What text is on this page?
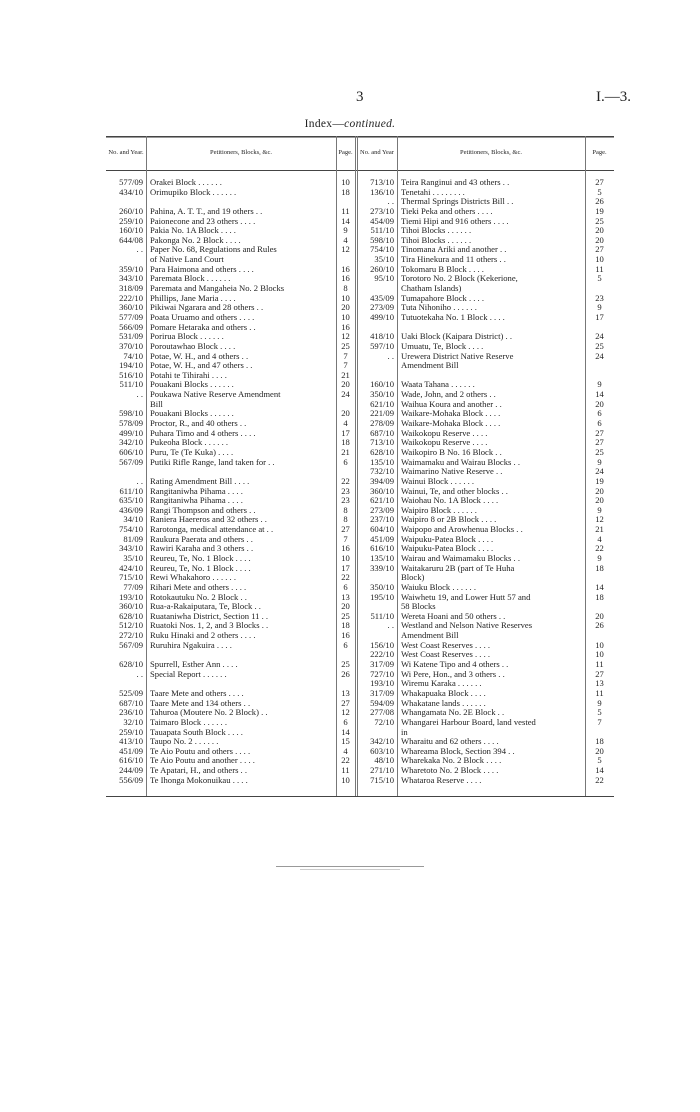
3	I.—3.
Index—continued.
No. and Year.	Petitioners, Blocks, &c.	Page.	No. and Year	Petitioners, Blocks, &c.	Page.
577/09 Orakei Block . . . . . .	10
434/10 Orimupiko Block . . . . . .	18
260/10 Pahina, A. T. T., and 19 others . .	11
259/10 Paionecone and 23 others . . . .	14
160/10 Pakia No. 1A Block . . . .	9
644/08 Pakonga No. 2 Block . . . .	4
. . Paper No. 68, Regulations and Rules	12
of Native Land Court
359/10 Para Haimona and others . . . .	16
343/10 Paremata Block . . . . . .	16
318/09 Paremata and Mangaheia No. 2 Blocks	8
222/10 Phillips, Jane Maria . . . .	10
360/10 Pikiwai Ngarara and 28 others . .	20
577/09 Poata Uruamo and others . . . .	10
566/09 Pomare Hetaraka and others . .	16
531/09 Porirua Block . . . . . .	12
370/10 Poroutawhao Block . . . .	25
74/10 Potae, W. H., and 4 others . .	7
194/10 Potae, W. H., and 47 others . .	7
516/10 Potahi te Tihirahi . . . .	21
511/10 Pouakani Blocks . . . . . .	20
. . Poukawa Native Reserve Amendment	24
Bill
598/10 Pouakani Blocks . . . . . .	20
578/09 Proctor, R., and 40 others . .	4
499/10 Puhara Timo and 4 others . . . .	17
342/10 Pukeoha Block . . . . . .	18
606/10 Puru, Te (Te Kuka) . . . .	21
567/09 Putiki Rifle Range, land taken for . .	6
. . Rating Amendment Bill . . . .	22
611/10 Rangitaniwha Pihama . . . .	23
635/10 Rangitaniwha Pihama . . . .	23
436/09 Rangi Thompson and others . .	8
34/10 Raniera Haereros and 32 others . .	8
754/10 Rarotonga, medical attendance at . .	27
81/09 Raukura Paerata and others . .	7
343/10 Rawiri Karaha and 3 others . .	16
35/10 Reureu, Te, No. 1 Block . . . .	10
424/10 Reureu, Te, No. 1 Block . . . .	17
715/10 Rewi Whakahoro . . . . . .	22
77/09 Rihari Mete and others . . . .	6
193/10 Rotokautuku No. 2 Block . .	13
360/10 Rua-a-Rakaiputara, Te, Block . .	20
628/10 Ruataniwha District, Section 11 . .	25
512/10 Ruatoki Nos. 1, 2, and 3 Blocks . .	18
272/10 Ruku Hinaki and 2 others . . . .	16
567/09 Ruruhira Ngakuira . . . .	6
628/10 Spurrell, Esther Ann . . . .	25
. . Special Report . . . . . .	26
525/09 Taare Mete and others . . . .	13
687/10 Taare Mete and 134 others . .	27
236/10 Tahuroa (Moutere No. 2 Block) . .	12
32/10 Taimaro Block . . . . . .	6
259/10 Tauapata South Block . . . .	14
413/10 Taupo No. 2 . . . . . .	15
451/09 Te Aio Poutu and others . . . .	4
616/10 Te Aio Poutu and another . . . .	22
244/09 Te Apatari, H., and others . .	11
556/09 Te Ihonga Mokonuikau . . . .	10
713/10 Teira Ranginui and 43 others . .	27
136/10 Tenetahi . . . . . . . .	5
. . Thermal Springs Districts Bill . .	26
273/10 Tieki Peka and others . . . .	19
454/09 Tiemi Hipi and 916 others . . . .	25
511/10 Tihoi Blocks . . . . . .	20
598/10 Tihoi Blocks . . . . . .	20
754/10 Tinomana Ariki and another . .	27
35/10 Tira Hinekura and 11 others . .	10
260/10 Tokomaru B Block . . . .	11
95/10 Torotoro No. 2 Block (Kekerione,	5
Chatham Islands)
435/09 Tumapahore Block . . . .	23
273/09 Tuta Nihoniho . . . . . .	9
499/10 Tutuotekaha No. 1 Block . . . .	17
418/10 Uaki Block (Kaipara District) . .	24
597/10 Umuatu, Te, Block . . . .	25
. . Urewera District Native Reserve	24
Amendment Bill
160/10 Waata Tahana . . . . . .	9
350/10 Wade, John, and 2 others . .	14
621/10 Waihua Koura and another . .	20
221/09 Waikare-Mohaka Block . . . .	6
278/09 Waikare-Mohaka Block . . . .	6
687/10 Waikokopu Reserve . . . .	27
713/10 Waikokopu Reserve . . . .	27
628/10 Waikopiro B No. 16 Block . .	25
135/10 Waimamaku and Wairau Blocks . .	9
732/10 Waimarino Native Reserve . .	24
394/09 Wainui Block . . . . . .	19
360/10 Wainui, Te, and other blocks . .	20
621/10 Waiohau No. 1A Block . . . .	20
273/09 Waipiro Block . . . . . .	9
237/10 Waipiro 8 or 2B Block . . . .	12
604/10 Waipopo and Arowhenua Blocks . .	21
451/09 Waipuku-Patea Block . . . .	4
616/10 Waipuku-Patea Block . . . .	22
135/10 Wairau and Waimamaku Blocks . .	9
339/10 Waitakaruru 2B (part of Te Huha	18
Block)
350/10 Waiuku Block . . . . . .	14
195/10 Waiwhetu 19, and Lower Hutt 57 and	18
58 Blocks
511/10 Wereta Hoani and 50 others . .	20
. . Westland and Nelson Native Reserves	26
Amendment Bill
156/10 West Coast Reserves . . . .	10
222/10 West Coast Reserves . . . .	10
317/09 Wi Katene Tipo and 4 others . .	11
727/10 Wi Pere, Hon., and 3 others . .	27
193/10 Wiremu Karaka . . . . . .	13
317/09 Whakapuaka Block . . . .	11
594/09 Whakatane lands . . . . . .	9
277/08 Whangamata No. 2E Block . .	5
72/10 Whangarei Harbour Board, land vested	7
in
342/10 Wharaitu and 62 others . . . .	18
603/10 Whareama Block, Section 394 . .	20
48/10 Wharekaka No. 2 Block . . . .	5
271/10 Wharetoto No. 2 Block . . . .	14
715/10 Whataroa Reserve . . . .	22
